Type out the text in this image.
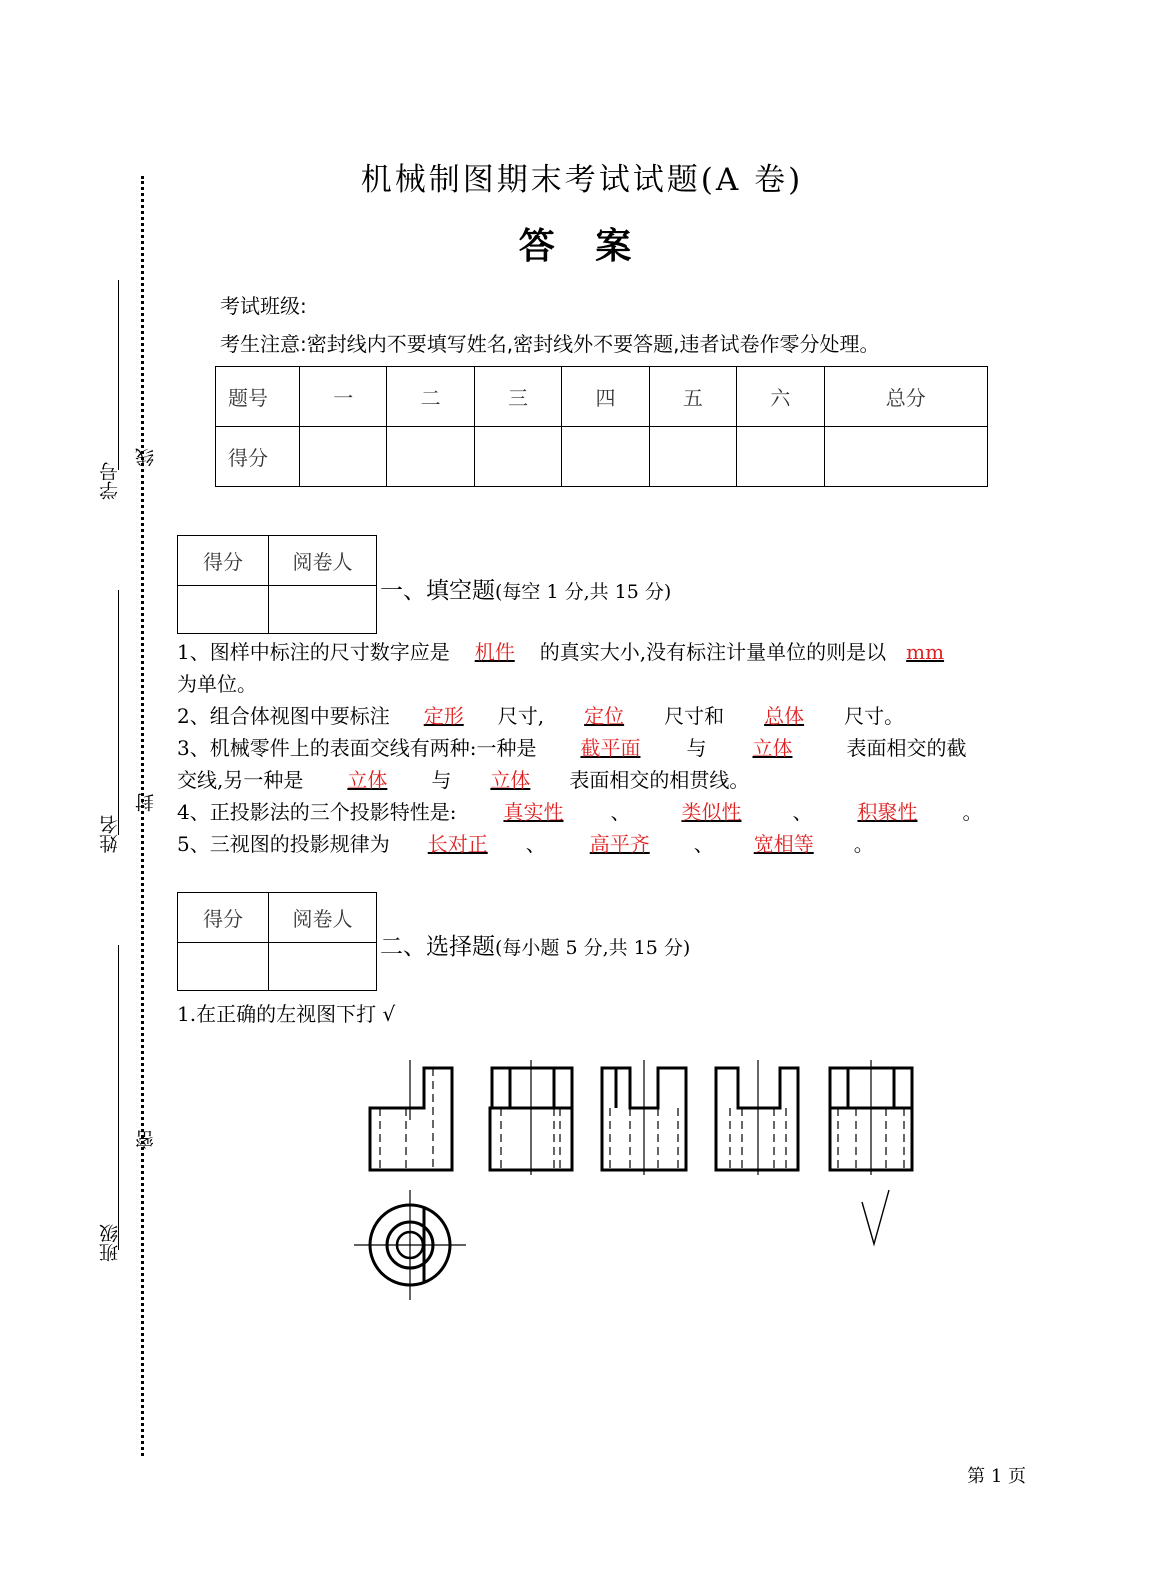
学号
姓名
班级
线
封
密
机械制图期末考试试题(A 卷)
答 案
考试班级:
考生注意:密封线内不要填写姓名,密封线外不要答题,违者试卷作零分处理。
题号	一	二	三	四	五	六	总分
得分							
得分	阅卷人

一、填空题(每空 1 分,共 15 分)
1、图样中标注的尺寸数字应是 机件 的真实大小,没有标注计量单位的则是以 mm
为单位。
2、组合体视图中要标注 定形 尺寸, 定位 尺寸和 总体 尺寸。
3、机械零件上的表面交线有两种:一种是 截平面 与 立体	表面相交的截
交线,另一种是 立体 与 立体 表面相交的相贯线。
4、正投影法的三个投影特性是: 真实性 、	类似性	、 积聚性 。
5、三视图的投影规律为 长对正 、 高平齐 、 宽相等 。
得分	阅卷人

二、选择题(每小题 5 分,共 15 分)
1.在正确的左视图下打 √
第 1 页
